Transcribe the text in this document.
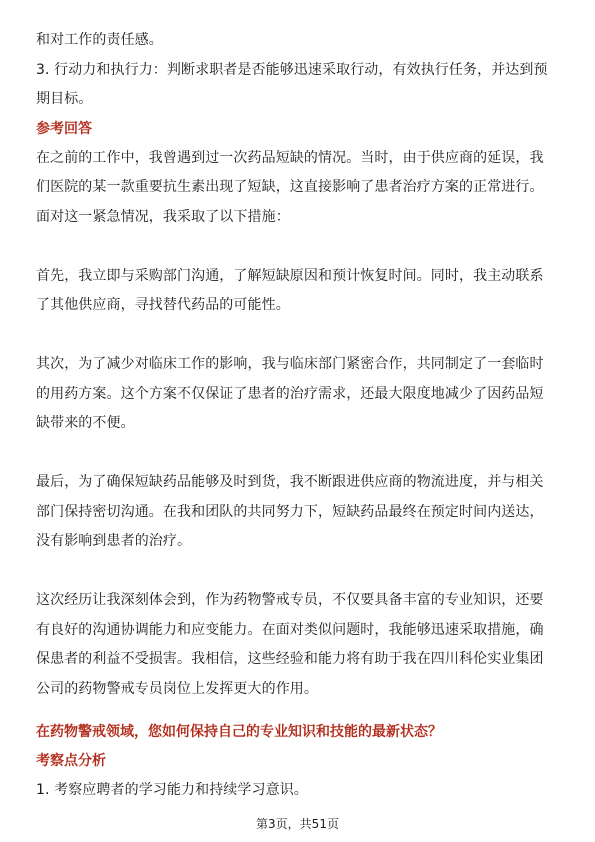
和对工作的责任感。
3. 行动力和执行力：判断求职者是否能够迅速采取行动，有效执行任务，并达到预
期目标。
参考回答
在之前的工作中，我曾遇到过一次药品短缺的情况。当时，由于供应商的延误，我
们医院的某一款重要抗生素出现了短缺，这直接影响了患者治疗方案的正常进行。
面对这一紧急情况，我采取了以下措施：
首先，我立即与采购部门沟通，了解短缺原因和预计恢复时间。同时，我主动联系
了其他供应商，寻找替代药品的可能性。
其次，为了减少对临床工作的影响，我与临床部门紧密合作，共同制定了一套临时
的用药方案。这个方案不仅保证了患者的治疗需求，还最大限度地减少了因药品短
缺带来的不便。
最后，为了确保短缺药品能够及时到货，我不断跟进供应商的物流进度，并与相关
部门保持密切沟通。在我和团队的共同努力下，短缺药品最终在预定时间内送达，
没有影响到患者的治疗。
这次经历让我深刻体会到，作为药物警戒专员，不仅要具备丰富的专业知识，还要
有良好的沟通协调能力和应变能力。在面对类似问题时，我能够迅速采取措施，确
保患者的利益不受损害。我相信，这些经验和能力将有助于我在四川科伦实业集团
公司的药物警戒专员岗位上发挥更大的作用。
在药物警戒领域，您如何保持自己的专业知识和技能的最新状态？
考察点分析
1. 考察应聘者的学习能力和持续学习意识。
第3页，共51页
